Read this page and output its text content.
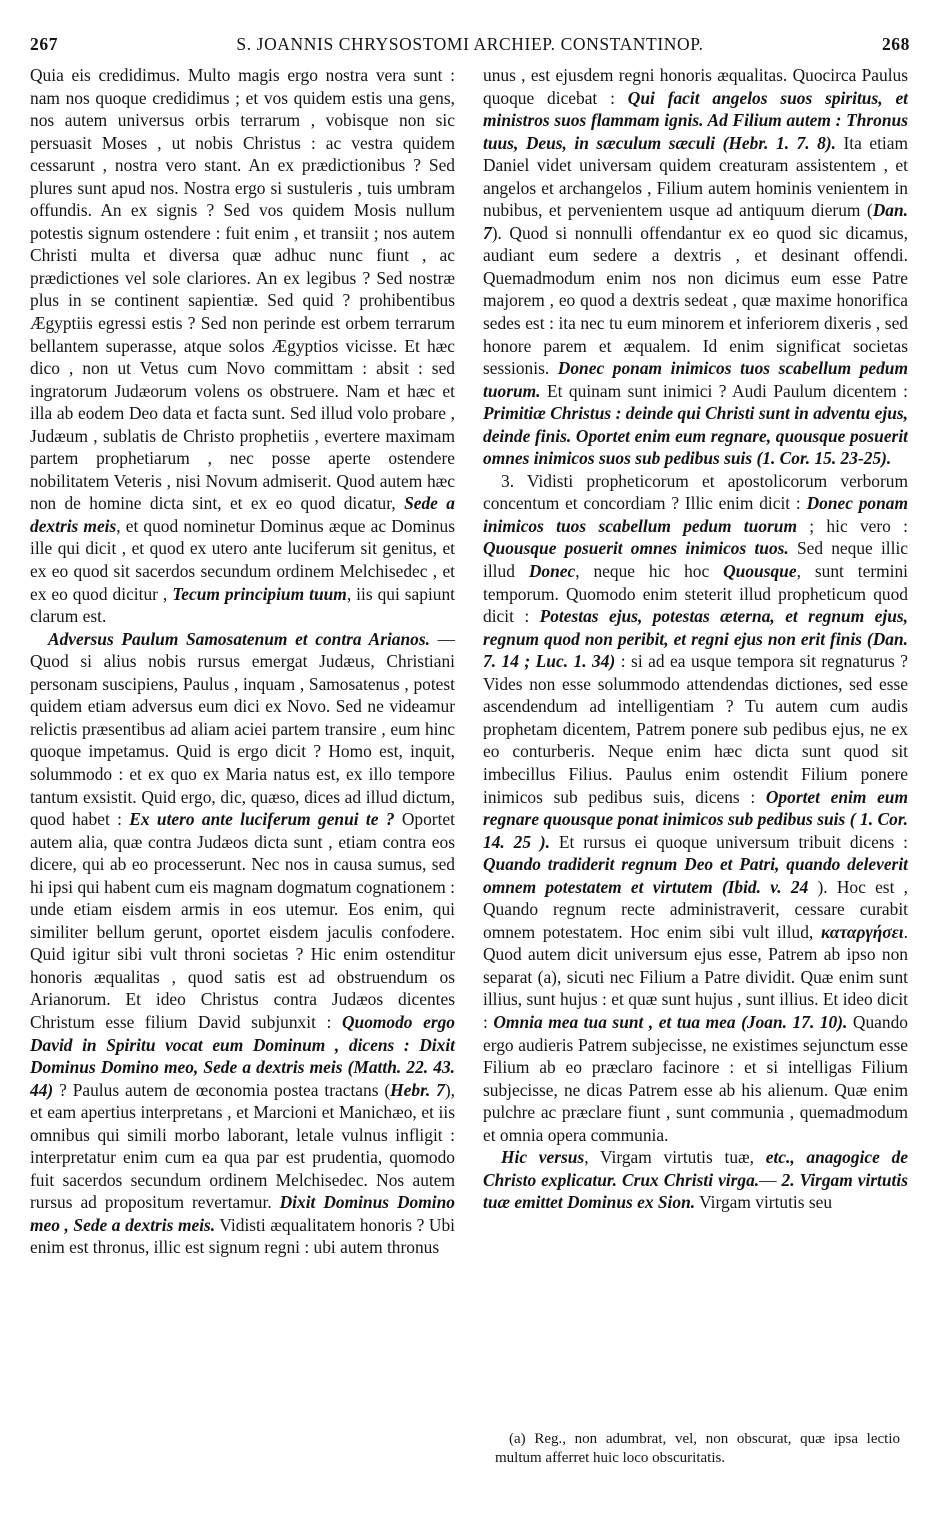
267	S. JOANNIS CHRYSOSTOMI ARCHIEP. CONSTANTINOP.	268

Quia eis credidimus. Multo magis ergo nostra vera sunt : nam nos quoque credidimus ; et vos quidem estis una gens, nos autem universus orbis terrarum , vobisque non sic persuasit Moses , ut nobis Christus : ac vestra quidem cessarunt , nostra vero stant. An ex prædictionibus ? Sed plures sunt apud nos. Nostra ergo si sustuleris , tuis umbram offundis. An ex signis ? Sed vos quidem Mosis nullum potestis signum ostendere : fuit enim , et transiit ; nos autem Christi multa et diversa quæ adhuc nunc fiunt , ac prædictiones vel sole clariores. An ex legibus ? Sed nostræ plus in se continent sapientiæ. Sed quid ? prohibentibus Ægyptiis egressi estis ? Sed non perinde est orbem terrarum bellantem superasse, atque solos Ægyptios vicisse. Et hæc dico , non ut Vetus cum Novo committam : absit : sed ingratorum Judæorum volens os obstruere. Nam et hæc et illa ab eodem Deo data et facta sunt. Sed illud volo probare , Judæum , sublatis de Christo prophetiis , evertere maximam partem prophetiarum , nec posse aperte ostendere nobilitatem Veteris , nisi Novum admiserit. Quod autem hæc non de homine dicta sint, et ex eo quod dicatur, Sede a dextris meis, et quod nominetur Dominus æque ac Dominus ille qui dicit , et quod ex utero ante luciferum sit genitus, et ex eo quod sit sacerdos secundum ordinem Melchisedec , et ex eo quod dicitur , Tecum principium tuum, iis qui sapiunt clarum est.

Adversus Paulum Samosatenum et contra Arianos. — Quod si alius nobis rursus emergat Judæus, Christiani personam suscipiens, Paulus , inquam , Samosatenus , potest quidem etiam adversus eum dici ex Novo. Sed ne videamur relictis præsentibus ad aliam aciei partem transire , eum hinc quoque impetamus. Quid is ergo dicit ? Homo est, inquit, solummodo : et ex quo ex Maria natus est, ex illo tempore tantum exsistit. Quid ergo, dic, quæso, dices ad illud dictum, quod habet : Ex utero ante luciferum genui te ? Oportet autem alia, quæ contra Judæos dicta sunt , etiam contra eos dicere, qui ab eo processerunt. Nec nos in causa sumus, sed hi ipsi qui habent cum eis magnam dogmatum cognationem : unde etiam eisdem armis in eos utemur. Eos enim, qui similiter bellum gerunt, oportet eisdem jaculis confodere. Quid igitur sibi vult throni societas ? Hic enim ostenditur honoris æqualitas , quod satis est ad obstruendum os Arianorum. Et ideo Christus contra Judæos dicentes Christum esse filium David subjunxit : Quomodo ergo David in Spiritu vocat eum Dominum , dicens : Dixit Dominus Domino meo, Sede a dextris meis (Matth. 22. 43. 44) ? Paulus autem de œconomia postea tractans (Hebr. 7), et eam apertius interpretans , et Marcioni et Manichæo, et iis omnibus qui simili morbo laborant, letale vulnus infligit : interpretatur enim cum ea qua par est prudentia, quomodo fuit sacerdos secundum ordinem Melchisedec. Nos autem rursus ad propositum revertamur. Dixit Dominus Domino meo , Sede a dextris meis. Vidisti æqualitatem honoris ? Ubi enim est thronus, illic est signum regni : ubi autem thronus

unus , est ejusdem regni honoris æqualitas. Quocirca Paulus quoque dicebat : Qui facit angelos suos spiritus, et ministros suos flammam ignis. Ad Filium autem : Thronus tuus, Deus, in sæculum sæculi (Hebr. 1. 7. 8). Ita etiam Daniel videt universam quidem creaturam assistentem , et angelos et archangelos , Filium autem hominis venientem in nubibus, et pervenientem usque ad antiquum dierum (Dan. 7). Quod si nonnulli offendantur ex eo quod sic dicamus, audiant eum sedere a dextris , et desinant offendi. Quemadmodum enim nos non dicimus eum esse Patre majorem , eo quod a dextris sedeat , quæ maxime honorifica sedes est : ita nec tu eum minorem et inferiorem dixeris , sed honore parem et æqualem. Id enim significat societas sessionis. Donec ponam inimicos tuos scabellum pedum tuorum. Et quinam sunt inimici ? Audi Paulum dicentem : Primitiæ Christus : deinde qui Christi sunt in adventu ejus, deinde finis. Oportet enim eum regnare, quousque posuerit omnes inimicos suos sub pedibus suis (1. Cor. 15. 23-25).

3. Vidisti propheticorum et apostolicorum verborum concentum et concordiam ? Illic enim dicit : Donec ponam inimicos tuos scabellum pedum tuorum ; hic vero : Quousque posuerit omnes inimicos tuos. Sed neque illic illud Donec, neque hic hoc Quousque, sunt termini temporum. Quomodo enim steterit illud propheticum quod dicit : Potestas ejus, potestas æterna, et regnum ejus, regnum quod non peribit, et regni ejus non erit finis (Dan. 7. 14 ; Luc. 1. 34) : si ad ea usque tempora sit regnaturus ? Vides non esse solummodo attendendas dictiones, sed esse ascendendum ad intelligentiam ? Tu autem cum audis prophetam dicentem, Patrem ponere sub pedibus ejus, ne ex eo conturberis. Neque enim hæc dicta sunt quod sit imbecillus Filius. Paulus enim ostendit Filium ponere inimicos sub pedibus suis, dicens : Oportet enim eum regnare quousque ponat inimicos sub pedibus suis ( 1. Cor. 14. 25 ). Et rursus ei quoque universum tribuit dicens : Quando tradiderit regnum Deo et Patri, quando deleverit omnem potestatem et virtutem (Ibid. v. 24 ). Hoc est , Quando regnum recte administraverit, cessare curabit omnem potestatem. Hoc enim sibi vult illud, καταργήσει. Quod autem dicit universum ejus esse, Patrem ab ipso non separat (a), sicuti nec Filium a Patre dividit. Quæ enim sunt illius, sunt hujus : et quæ sunt hujus , sunt illius. Et ideo dicit : Omnia mea tua sunt , et tua mea (Joan. 17. 10). Quando ergo audieris Patrem subjecisse, ne existimes sejunctum esse Filium ab eo præclaro facinore : et si intelligas Filium subjecisse, ne dicas Patrem esse ab his alienum. Quæ enim pulchre ac præclare fiunt , sunt communia , quemadmodum et omnia opera communia.

Hic versus, Virgam virtutis tuæ, etc., anagogice de Christo explicatur. Crux Christi virga.— 2. Virgam virtutis tuæ emittet Dominus ex Sion. Virgam virtutis seu

(a) Reg., non adumbrat, vel, non obscurat, quæ ipsa lectio multum afferret huic loco obscuritatis.
